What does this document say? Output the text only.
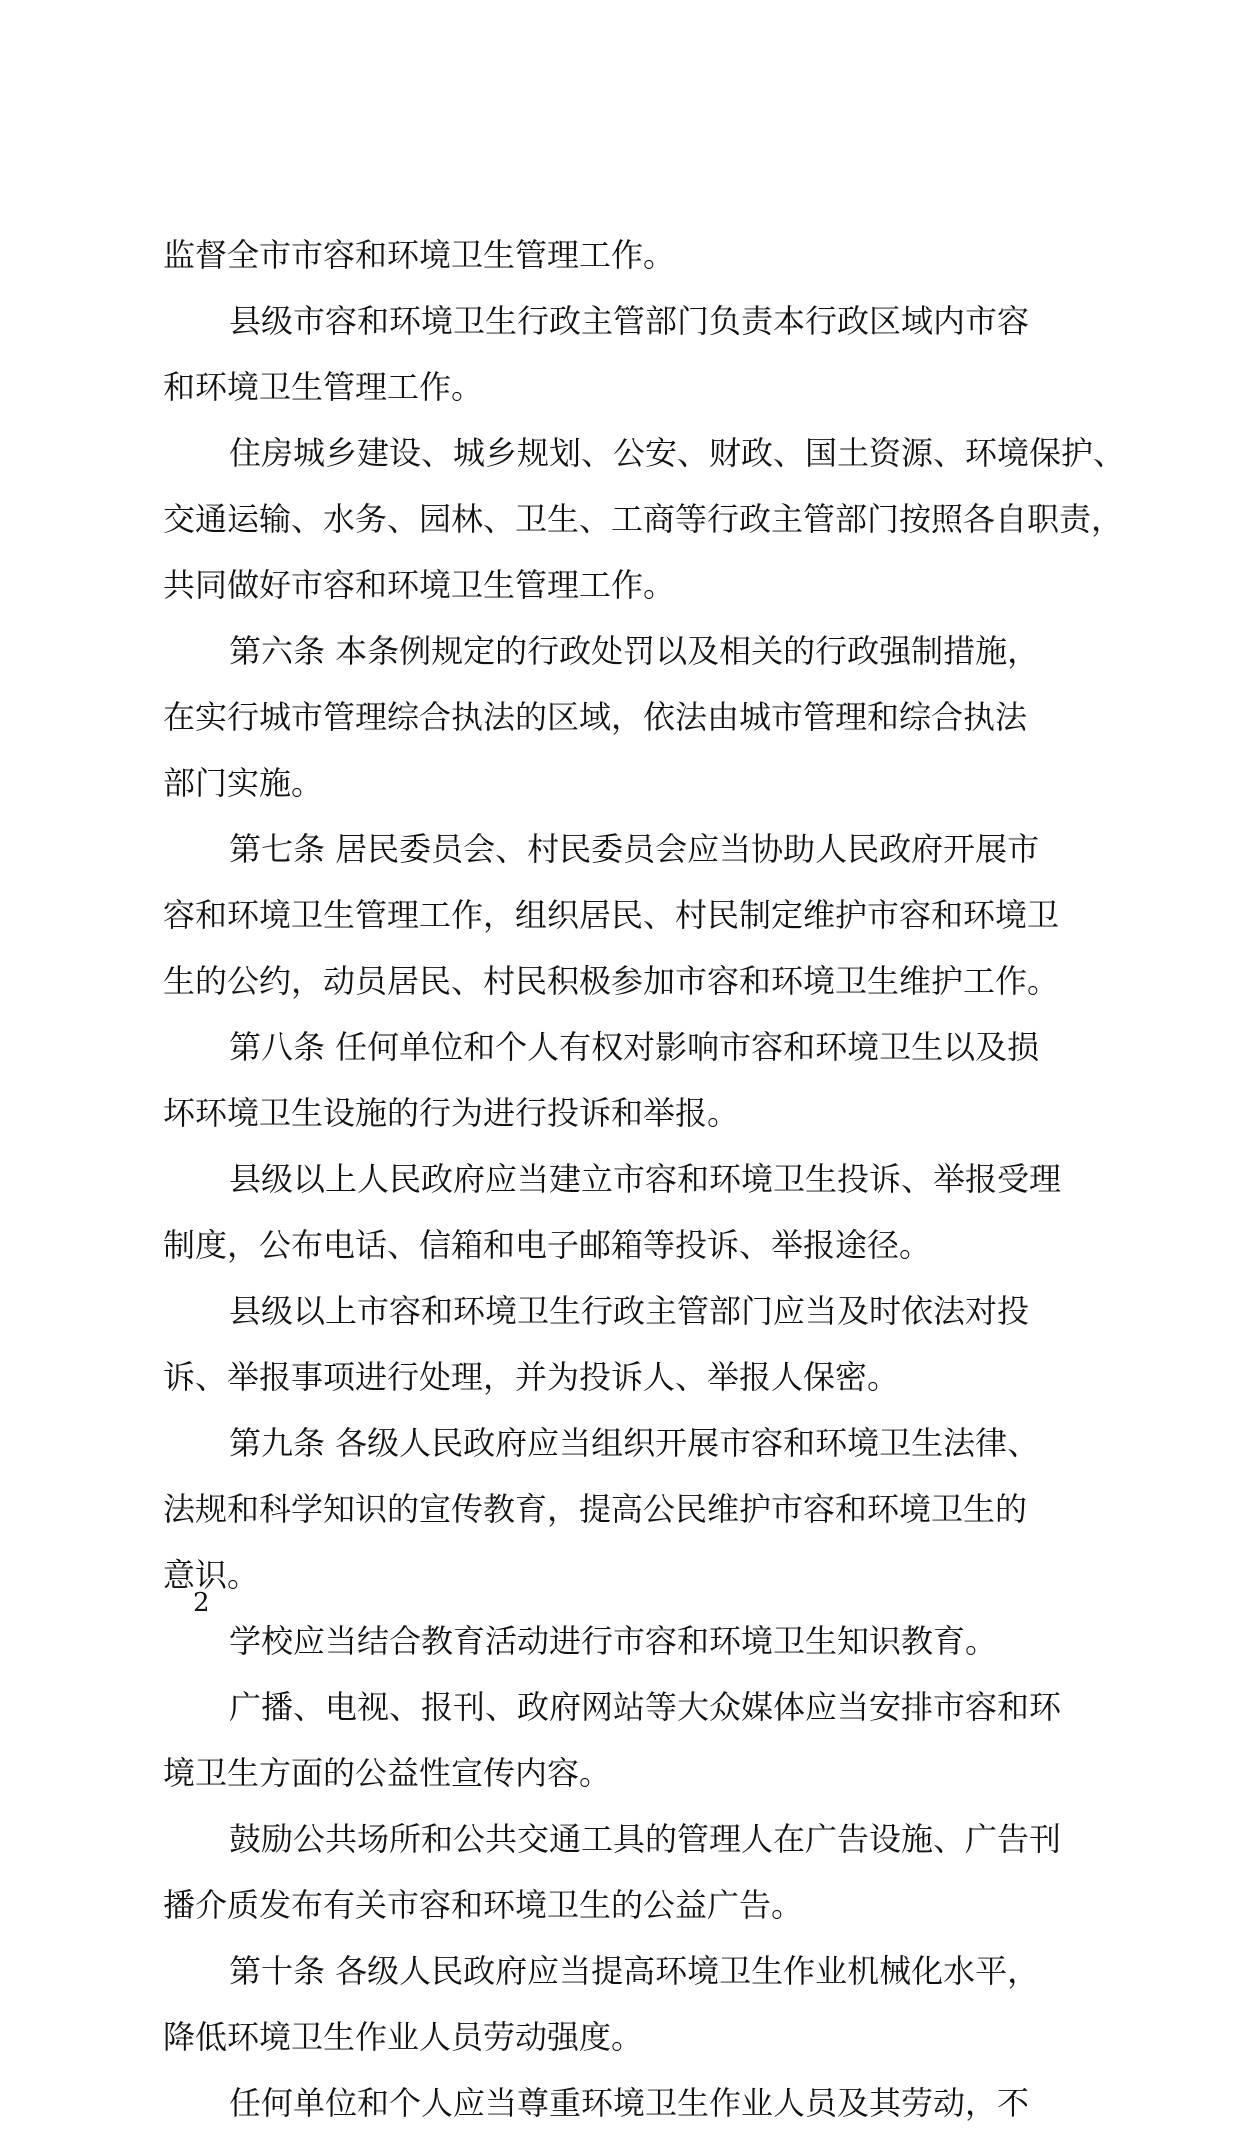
监督全市市容和环境卫生管理工作。
县级市容和环境卫生行政主管部门负责本行政区域内市容
和环境卫生管理工作。
住房城乡建设、城乡规划、公安、财政、国土资源、环境保护、
交通运输、水务、园林、卫生、工商等行政主管部门按照各自职责，
共同做好市容和环境卫生管理工作。
第六条 本条例规定的行政处罚以及相关的行政强制措施，
在实行城市管理综合执法的区域，依法由城市管理和综合执法
部门实施。
第七条 居民委员会、村民委员会应当协助人民政府开展市
容和环境卫生管理工作，组织居民、村民制定维护市容和环境卫
生的公约，动员居民、村民积极参加市容和环境卫生维护工作。
第八条 任何单位和个人有权对影响市容和环境卫生以及损
坏环境卫生设施的行为进行投诉和举报。
县级以上人民政府应当建立市容和环境卫生投诉、举报受理
制度，公布电话、信箱和电子邮箱等投诉、举报途径。
县级以上市容和环境卫生行政主管部门应当及时依法对投
诉、举报事项进行处理，并为投诉人、举报人保密。
第九条 各级人民政府应当组织开展市容和环境卫生法律、
法规和科学知识的宣传教育，提高公民维护市容和环境卫生的
意识。
学校应当结合教育活动进行市容和环境卫生知识教育。
广播、电视、报刊、政府网站等大众媒体应当安排市容和环
境卫生方面的公益性宣传内容。
鼓励公共场所和公共交通工具的管理人在广告设施、广告刊
播介质发布有关市容和环境卫生的公益广告。
第十条 各级人民政府应当提高环境卫生作业机械化水平，
降低环境卫生作业人员劳动强度。
任何单位和个人应当尊重环境卫生作业人员及其劳动，不
2
